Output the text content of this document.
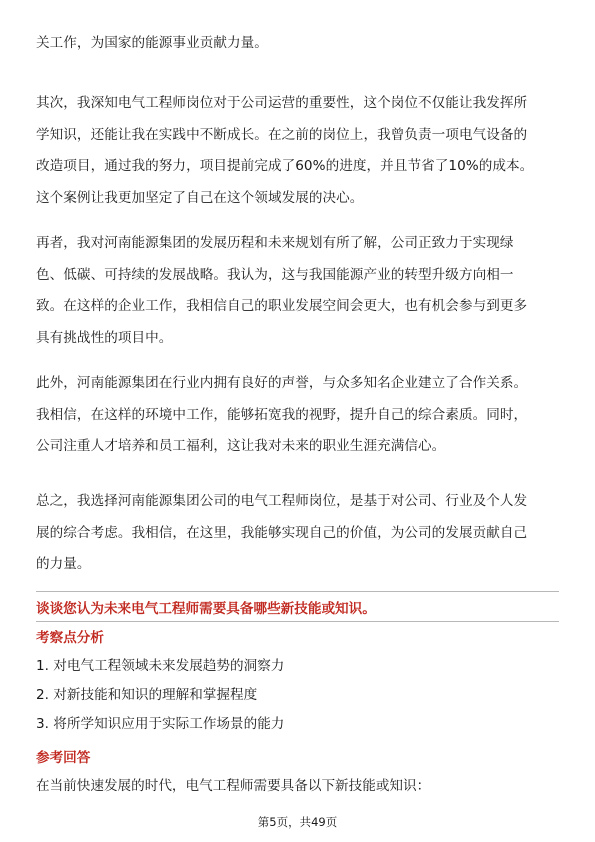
关工作，为国家的能源事业贡献力量。
其次，我深知电气工程师岗位对于公司运营的重要性，这个岗位不仅能让我发挥所
学知识，还能让我在实践中不断成长。在之前的岗位上，我曾负责一项电气设备的
改造项目，通过我的努力，项目提前完成了60%的进度，并且节省了10%的成本。
这个案例让我更加坚定了自己在这个领域发展的决心。
再者，我对河南能源集团的发展历程和未来规划有所了解，公司正致力于实现绿
色、低碳、可持续的发展战略。我认为，这与我国能源产业的转型升级方向相一
致。在这样的企业工作，我相信自己的职业发展空间会更大，也有机会参与到更多
具有挑战性的项目中。
此外，河南能源集团在行业内拥有良好的声誉，与众多知名企业建立了合作关系。
我相信，在这样的环境中工作，能够拓宽我的视野，提升自己的综合素质。同时，
公司注重人才培养和员工福利，这让我对未来的职业生涯充满信心。
总之，我选择河南能源集团公司的电气工程师岗位，是基于对公司、行业及个人发
展的综合考虑。我相信，在这里，我能够实现自己的价值，为公司的发展贡献自己
的力量。
谈谈您认为未来电气工程师需要具备哪些新技能或知识。
考察点分析
1. 对电气工程领域未来发展趋势的洞察力
2. 对新技能和知识的理解和掌握程度
3. 将所学知识应用于实际工作场景的能力
参考回答
在当前快速发展的时代，电气工程师需要具备以下新技能或知识：
第5页，共49页
